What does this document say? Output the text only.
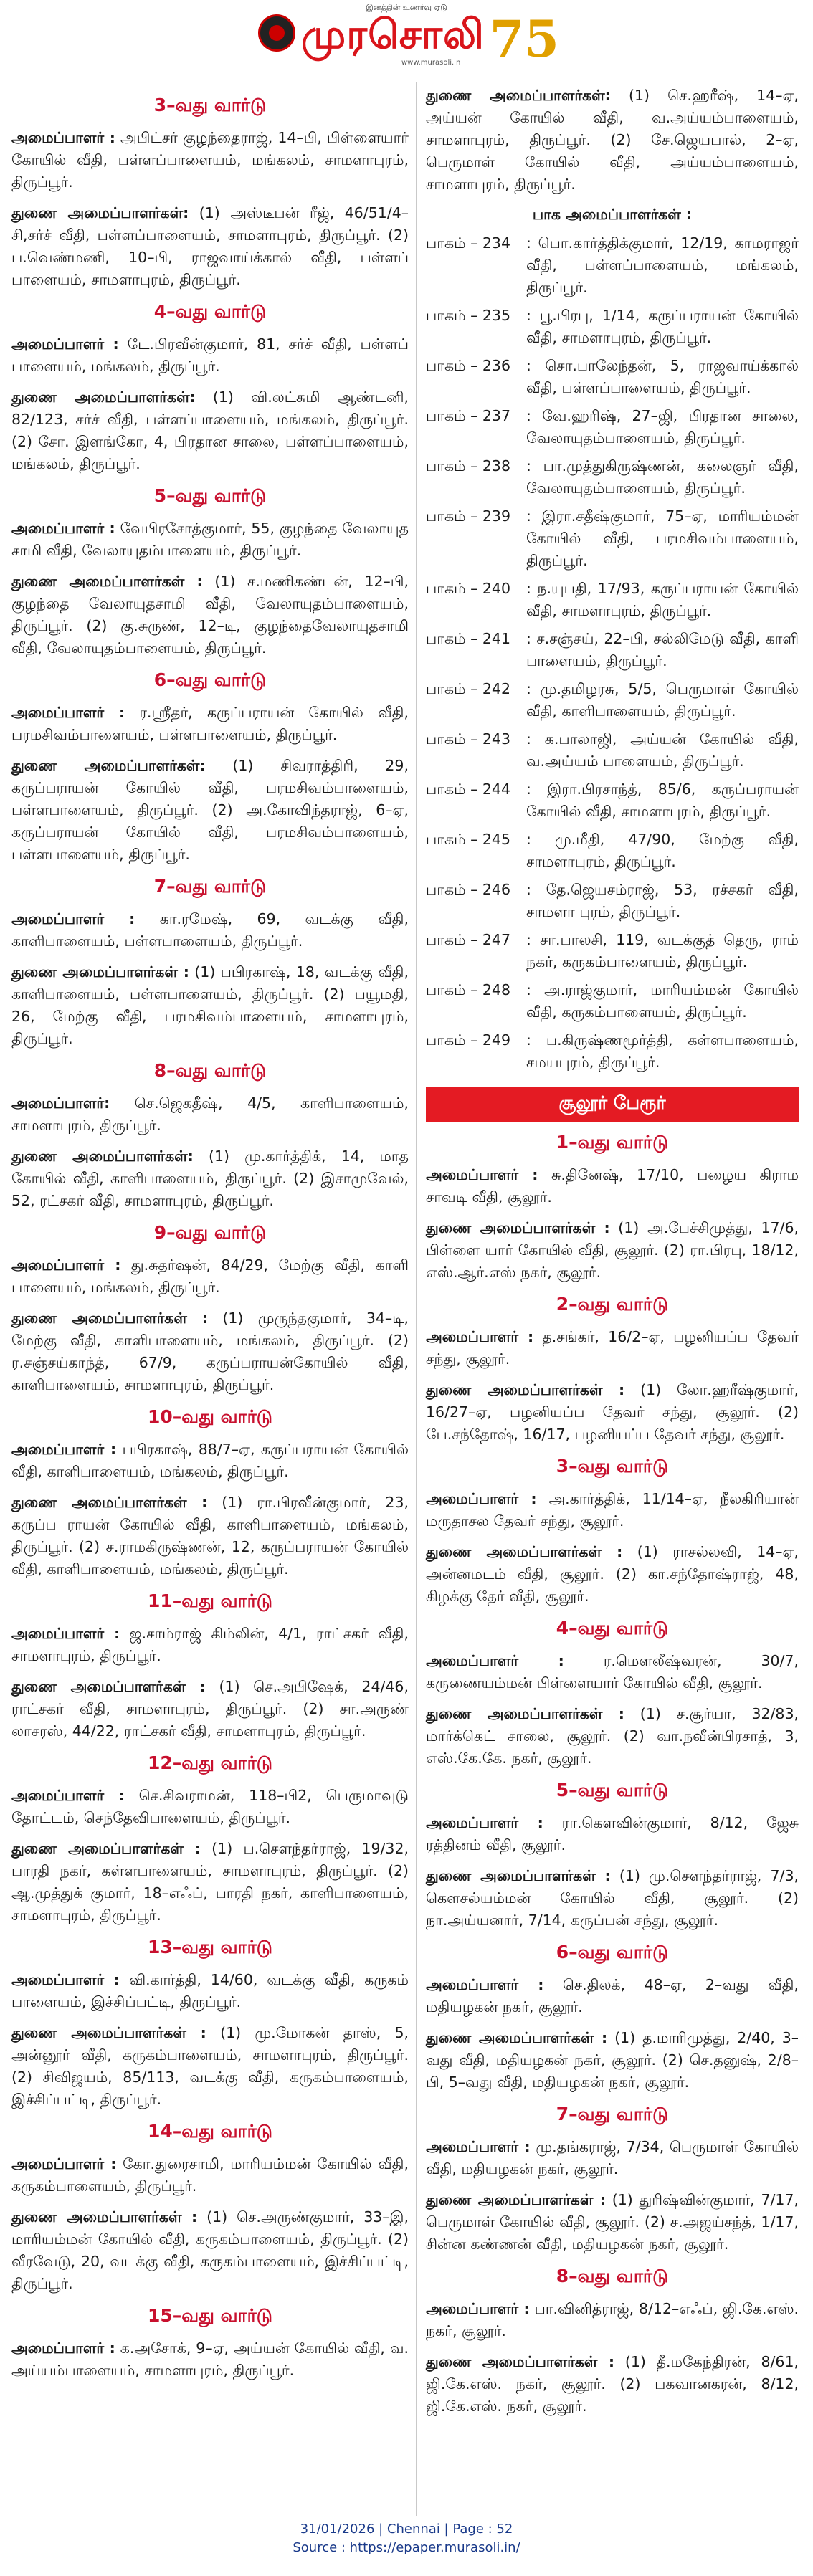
இனத்தின் உணர்வு ஏடு
முரசொலி
www.murasoli.in 75
3–வது வார்டு

அமைப்பாளர் : அபிட்சர் குழந்தைராஜ், 14–பி, பிள்ளையார் கோயில் வீதி, பள்ளப்பாளையம், மங்கலம், சாமளாபுரம், திருப்பூர்.

துணை அமைப்பாளர்கள்: (1) அஸ்டீபன் ரீஜ், 46/51/4–சி,சர்ச் வீதி, பள்ளப்பாளையம், சாமளாபுரம், திருப்பூர். (2) ப.வெண்மணி, 10–பி, ராஜவாய்க்கால் வீதி, பள்ளப் பாளையம், சாமளாபுரம், திருப்பூர்.

4–வது வார்டு

அமைப்பாளர் : டே.பிரவீன்குமார், 81, சர்ச் வீதி, பள்ளப் பாளையம், மங்கலம், திருப்பூர்.

துணை அமைப்பாளர்கள்: (1) வி.லட்சுமி ஆண்டனி, 82/123, சர்ச் வீதி, பள்ளப்பாளையம், மங்கலம், திருப்பூர். (2) சோ. இளங்கோ, 4, பிரதான சாலை, பள்ளப்பாளையம், மங்கலம், திருப்பூர்.

5–வது வார்டு

அமைப்பாளர் : வேபிரசோத்குமார், 55, குழந்தை வேலாயுத சாமி வீதி, வேலாயுதம்பாளையம், திருப்பூர்.

துணை அமைப்பாளர்கள் : (1) ச.மணிகண்டன், 12–பி, குழந்தை வேலாயுதசாமி வீதி, வேலாயுதம்பாளையம், திருப்பூர். (2) கு.சுருண், 12–டி, குழந்தைவேலாயுதசாமி வீதி, வேலாயுதம்பாளையம், திருப்பூர்.

6–வது வார்டு

அமைப்பாளர் : ர.ஸ்ரீதர், கருப்பராயன் கோயில் வீதி, பரமசிவம்பாளையம், பள்ளபாளையம், திருப்பூர்.

துணை அமைப்பாளர்கள்: (1) சிவராத்திரி, 29, கருப்பராயன் கோயில் வீதி, பரமசிவம்பாளையம், பள்ளபாளையம், திருப்பூர். (2) அ.கோவிந்தராஜ், 6–ஏ, கருப்பராயன் கோயில் வீதி, பரமசிவம்பாளையம், பள்ளபாளையம், திருப்பூர்.

7–வது வார்டு

அமைப்பாளர் : கா.ரமேஷ், 69, வடக்கு வீதி, காளிபாளையம், பள்ளபாளையம், திருப்பூர்.

துணை அமைப்பாளர்கள் : (1) பபிரகாஷ், 18, வடக்கு வீதி, காளிபாளையம், பள்ளபாளையம், திருப்பூர். (2) பயூமதி, 26, மேற்கு வீதி, பரமசிவம்பாளையம், சாமளாபுரம், திருப்பூர்.

8–வது வார்டு

அமைப்பாளர்: செ.ஜெகதீஷ், 4/5, காளிபாளையம், சாமளாபுரம், திருப்பூர்.

துணை அமைப்பாளர்கள்: (1) மு.கார்த்திக், 14, மாத கோயில் வீதி, காளிபாளையம், திருப்பூர். (2) இசாமுவேல், 52, ரட்சகர் வீதி, சாமளாபுரம், திருப்பூர்.

9–வது வார்டு

அமைப்பாளர் : து.சுதர்ஷன், 84/29, மேற்கு வீதி, காளி பாளையம், மங்கலம், திருப்பூர்.

துணை அமைப்பாளர்கள் : (1) முருந்தகுமார், 34–டி, மேற்கு வீதி, காளிபாளையம், மங்கலம், திருப்பூர். (2) ர.சஞ்சய்காந்த், 67/9, கருப்பராயன்கோயில் வீதி, காளிபாளையம், சாமளாபுரம், திருப்பூர்.

10–வது வார்டு

அமைப்பாளர் : பபிரகாஷ், 88/7–ஏ, கருப்பராயன் கோயில் வீதி, காளிபாளையம், மங்கலம், திருப்பூர்.

துணை அமைப்பாளர்கள் : (1) ரா.பிரவீன்குமார், 23, கருப்ப ராயன் கோயில் வீதி, காளிபாளையம், மங்கலம், திருப்பூர். (2) ச.ராமகிருஷ்ணன், 12, கருப்பராயன் கோயில் வீதி, காளிபாளையம், மங்கலம், திருப்பூர்.

11–வது வார்டு

அமைப்பாளர் : ஜ.சாம்ராஜ் கிம்லின், 4/1, ராட்சகர் வீதி, சாமளாபுரம், திருப்பூர்.

துணை அமைப்பாளர்கள் : (1) செ.அபிஷேக், 24/46, ராட்சகர் வீதி, சாமளாபுரம், திருப்பூர். (2) சா.அருண் லாசரஸ், 44/22, ராட்சகர் வீதி, சாமளாபுரம், திருப்பூர்.

12–வது வார்டு

அமைப்பாளர் : செ.சிவராமன், 118–பி2, பெருமாவுடு தோட்டம், செந்தேவிபாளையம், திருப்பூர்.

துணை அமைப்பாளர்கள் : (1) ப.சௌந்தர்ராஜ், 19/32, பாரதி நகர், கள்ளபாளையம், சாமளாபுரம், திருப்பூர். (2) ஆ.முத்துக் குமார், 18–எஃப், பாரதி நகர், காளிபாளையம், சாமளாபுரம், திருப்பூர்.

13–வது வார்டு

அமைப்பாளர் : வி.கார்த்தி, 14/60, வடக்கு வீதி, கருகம் பாளையம், இச்சிப்பட்டி, திருப்பூர்.

துணை அமைப்பாளர்கள் : (1) மு.மோகன் தாஸ், 5, அன்னூர் வீதி, கருகம்பாளையம், சாமளாபுரம், திருப்பூர். (2) சிவிஜயம், 85/113, வடக்கு வீதி, கருகம்பாளையம், இச்சிப்பட்டி, திருப்பூர்.

14–வது வார்டு

அமைப்பாளர் : கோ.துரைசாமி, மாரியம்மன் கோயில் வீதி, கருகம்பாளையம், திருப்பூர்.

துணை அமைப்பாளர்கள் : (1) செ.அருண்குமார், 33–இ, மாரியம்மன் கோயில் வீதி, கருகம்பாளையம், திருப்பூர். (2) வீரவேடு, 20, வடக்கு வீதி, கருகம்பாளையம், இச்சிப்பட்டி, திருப்பூர்.

15–வது வார்டு

அமைப்பாளர் : க.அசோக், 9–ஏ, அய்யன் கோயில் வீதி, வ. அய்யம்பாளையம், சாமளாபுரம், திருப்பூர்.

துணை அமைப்பாளர்கள்: (1) செ.ஹரீஷ், 14–ஏ, அய்யன் கோயில் வீதி, வ.அய்யம்பாளையம், சாமளாபுரம், திருப்பூர். (2) சே.ஜெயபால், 2–ஏ, பெருமாள் கோயில் வீதி, அய்யம்பாளையம், சாமளாபுரம், திருப்பூர்.

பாக அமைப்பாளர்கள் :
பாகம் – 234	: பொ.கார்த்திக்குமார், 12/19, காமராஜர் வீதி, பள்ளப்பாளையம், மங்கலம், திருப்பூர்.
பாகம் – 235	: பூ.பிரபு, 1/14, கருப்பராயன் கோயில் வீதி, சாமளாபுரம், திருப்பூர்.
பாகம் – 236	: சொ.பாலேந்தன், 5, ராஜவாய்க்கால் வீதி, பள்ளப்பாளையம், திருப்பூர்.
பாகம் – 237	: வே.ஹரிஷ், 27–ஜி, பிரதான சாலை, வேலாயுதம்பாளையம், திருப்பூர்.
பாகம் – 238	: பா.முத்துகிருஷ்ணன், கலைஞர் வீதி, வேலாயுதம்பாளையம், திருப்பூர்.
பாகம் – 239	: இரா.சதீஷ்குமார், 75–ஏ, மாரியம்மன் கோயில் வீதி, பரமசிவம்பாளையம், திருப்பூர்.
பாகம் – 240	: ந.யுபதி, 17/93, கருப்பராயன் கோயில் வீதி, சாமளாபுரம், திருப்பூர்.
பாகம் – 241	: ச.சஞ்சய், 22–பி, சல்லிமேடு வீதி, காளி பாளையம், திருப்பூர்.
பாகம் – 242	: மு.தமிழரசு, 5/5, பெருமாள் கோயில் வீதி, காளிபாளையம், திருப்பூர்.
பாகம் – 243	: க.பாலாஜி, அய்யன் கோயில் வீதி, வ.அய்யம் பாளையம், திருப்பூர்.
பாகம் – 244	: இரா.பிரசாந்த், 85/6, கருப்பராயன் கோயில் வீதி, சாமளாபுரம், திருப்பூர்.
பாகம் – 245	: மு.மீதி, 47/90, மேற்கு வீதி, சாமளாபுரம், திருப்பூர்.
பாகம் – 246	: தே.ஜெயசம்ராஜ், 53, ரச்சகர் வீதி, சாமளா புரம், திருப்பூர்.
பாகம் – 247	: சா.பாலசி, 119, வடக்குத் தெரு, ராம் நகர், கருகம்பாளையம், திருப்பூர்.
பாகம் – 248	: அ.ராஜ்குமார், மாரியம்மன் கோயில் வீதி, கருகம்பாளையம், திருப்பூர்.
பாகம் – 249	: ப.கிருஷ்ணமூர்த்தி, கள்ளபாளையம், சமயபுரம், திருப்பூர்.
சூலூர் பேரூர்
1–வது வார்டு

அமைப்பாளர் : சு.தினேஷ், 17/10, பழைய கிராம சாவடி வீதி, சூலூர்.

துணை அமைப்பாளர்கள் : (1) அ.பேச்சிமுத்து, 17/6, பிள்ளை யார் கோயில் வீதி, சூலூர். (2) ரா.பிரபு, 18/12, எஸ்.ஆர்.எஸ் நகர், சூலூர்.

2–வது வார்டு

அமைப்பாளர் : த.சங்கர், 16/2–ஏ, பழனியப்ப தேவர் சந்து, சூலூர்.

துணை அமைப்பாளர்கள் : (1) லோ.ஹரீஷ்குமார், 16/27–ஏ, பழனியப்ப தேவர் சந்து, சூலூர். (2) பே.சந்தோஷ், 16/17, பழனியப்ப தேவர் சந்து, சூலூர்.

3–வது வார்டு

அமைப்பாளர் : அ.கார்த்திக், 11/14–ஏ, நீலகிரியான் மருதாசல தேவர் சந்து, சூலூர்.

துணை அமைப்பாளர்கள் : (1) ராசல்லவி, 14–ஏ, அன்னமடம் வீதி, சூலூர். (2) கா.சந்தோஷ்ராஜ், 48, கிழக்கு தேர் வீதி, சூலூர்.

4–வது வார்டு

அமைப்பாளர் : ர.மௌலீஷ்வரன், 30/7, கருணையம்மன் பிள்ளையார் கோயில் வீதி, சூலூர்.

துணை அமைப்பாளர்கள் : (1) ச.சூர்யா, 32/83, மார்க்கெட் சாலை, சூலூர். (2) வா.நவீன்பிரசாத், 3, எஸ்.கே.கே. நகர், சூலூர்.

5–வது வார்டு

அமைப்பாளர் : ரா.கௌவின்குமார், 8/12, ஜேசு ரத்தினம் வீதி, சூலூர்.

துணை அமைப்பாளர்கள் : (1) மு.சௌந்தர்ராஜ், 7/3, கௌசல்யம்மன் கோயில் வீதி, சூலூர். (2) நா.அய்யனார், 7/14, கருப்பன் சந்து, சூலூர்.

6–வது வார்டு

அமைப்பாளர் : செ.திலக், 48–ஏ, 2–வது வீதி, மதியழகன் நகர், சூலூர்.

துணை அமைப்பாளர்கள் : (1) த.மாரிமுத்து, 2/40, 3–வது வீதி, மதியழகன் நகர், சூலூர். (2) செ.தனுஷ், 2/8–பி, 5–வது வீதி, மதியழகன் நகர், சூலூர்.

7–வது வார்டு

அமைப்பாளர் : மு.தங்கராஜ், 7/34, பெருமாள் கோயில் வீதி, மதியழகன் நகர், சூலூர்.

துணை அமைப்பாளர்கள் : (1) துரிஷ்வின்குமார், 7/17, பெருமாள் கோயில் வீதி, சூலூர். (2) ச.அஜய்சந்த், 1/17, சின்ன கண்ணன் வீதி, மதியழகன் நகர், சூலூர்.

8–வது வார்டு

அமைப்பாளர் : பா.வினித்ராஜ், 8/12–எஃப், ஜி.கே.எஸ். நகர், சூலூர்.

துணை அமைப்பாளர்கள் : (1) தீ.மகேந்திரன், 8/61, ஜி.கே.எஸ். நகர், சூலூர். (2) பகவானகரன், 8/12, ஜி.கே.எஸ். நகர், சூலூர்.

31/01/2026 | Chennai | Page : 52
Source : https://epaper.murasoli.in/
